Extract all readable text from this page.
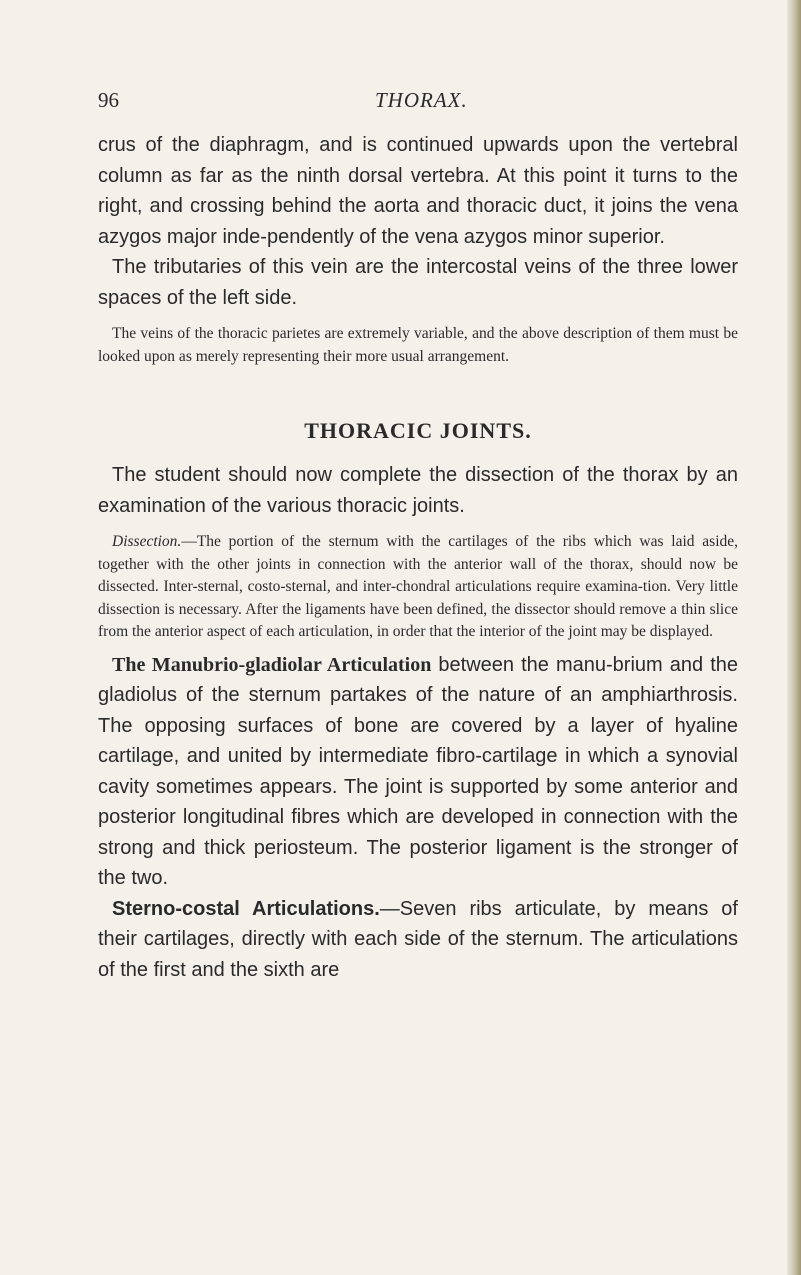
96	THORAX.

crus of the diaphragm, and is continued upwards upon the vertebral column as far as the ninth dorsal vertebra. At this point it turns to the right, and crossing behind the aorta and thoracic duct, it joins the vena azygos major inde-pendently of the vena azygos minor superior.

The tributaries of this vein are the intercostal veins of the three lower spaces of the left side.

The veins of the thoracic parietes are extremely variable, and the above description of them must be looked upon as merely representing their more usual arrangement.

THORACIC JOINTS.

The student should now complete the dissection of the thorax by an examination of the various thoracic joints.

Dissection.—The portion of the sternum with the cartilages of the ribs which was laid aside, together with the other joints in connection with the anterior wall of the thorax, should now be dissected. Inter-sternal, costo-sternal, and inter-chondral articulations require examina-tion. Very little dissection is necessary. After the ligaments have been defined, the dissector should remove a thin slice from the anterior aspect of each articulation, in order that the interior of the joint may be displayed.

The Manubrio-gladiolar Articulation between the manu-brium and the gladiolus of the sternum partakes of the nature of an amphiarthrosis. The opposing surfaces of bone are covered by a layer of hyaline cartilage, and united by intermediate fibro-cartilage in which a synovial cavity sometimes appears. The joint is supported by some anterior and posterior longitudinal fibres which are developed in connection with the strong and thick periosteum. The posterior ligament is the stronger of the two.

Sterno-costal Articulations.—Seven ribs articulate, by means of their cartilages, directly with each side of the sternum. The articulations of the first and the sixth are
